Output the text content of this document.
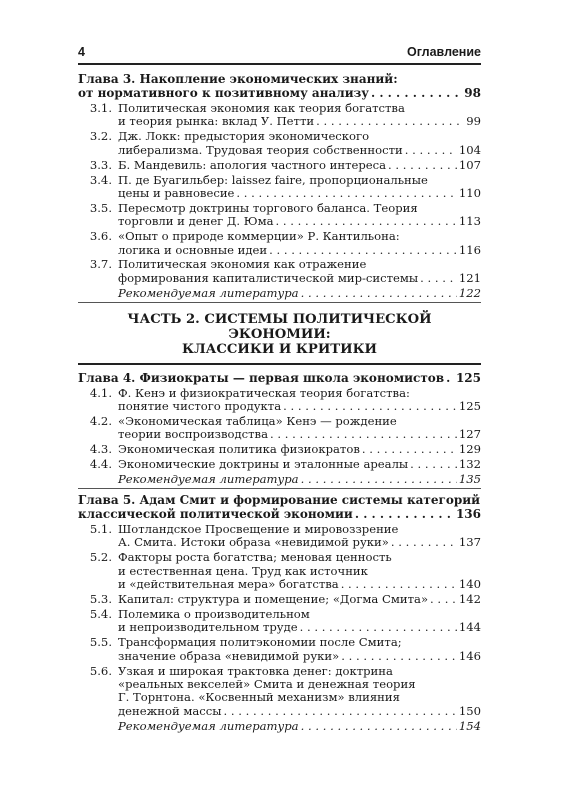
4	Оглавление
Глава 3. Накопление экономических знаний:
от нормативного к позитивному анализу . . .	98
3.1. Политическая экономия как теория богатства
и теория рынка: вклад У. Петти . . .	99
3.2. Дж. Локк: предыстория экономического
либерализма. Трудовая теория собственности . . .	104
3.3. Б. Мандевиль: апология частного интереса . . .	107
3.4. П. де Буагильбер: laissez faire, пропорциональные
цены и равновесие . . .	110
3.5. Пересмотр доктрины торгового баланса. Теория
торговли и денег Д. Юма . . .	113
3.6. «Опыт о природе коммерции» Р. Кантильона:
логика и основные идеи . . .	116
3.7. Политическая экономия как отражение
формирования капиталистической мир-системы . . .	121
Рекомендуемая литература . . .	122
ЧАСТЬ 2. СИСТЕМЫ ПОЛИТИЧЕСКОЙ ЭКОНОМИИ:
КЛАССИКИ И КРИТИКИ
Глава 4. Физиократы — первая школа экономистов . . . 125
4.1. Ф. Кенэ и физиократическая теория богатства:
понятие чистого продукта . . .	125
4.2. «Экономическая таблица» Кенэ — рождение
теории воспроизводства . . .	127
4.3. Экономическая политика физиократов . . .	129
4.4. Экономические доктрины и эталонные ареалы . . .	132
Рекомендуемая литература . . .	135
Глава 5. Адам Смит и формирование системы категорий
классической политической экономии . . .	136
5.1. Шотландское Просвещение и мировоззрение
А. Смита. Истоки образа «невидимой руки» . . .	137
5.2. Факторы роста богатства; меновая ценность
и естественная цена. Труд как источник
и «действительная мера» богатства . . .	140
5.3. Капитал: структура и помещение; «Догма Смита» . . .	142
5.4. Полемика о производительном
и непроизводительном труде . . .	144
5.5. Трансформация политэкономии после Смита;
значение образа «невидимой руки» . . .	146
5.6. Узкая и широкая трактовка денег: доктрина
«реальных векселей» Смита и денежная теория
Г. Торнтона. «Косвенный механизм» влияния
денежной массы . . .	150
Рекомендуемая литература . . .	154
